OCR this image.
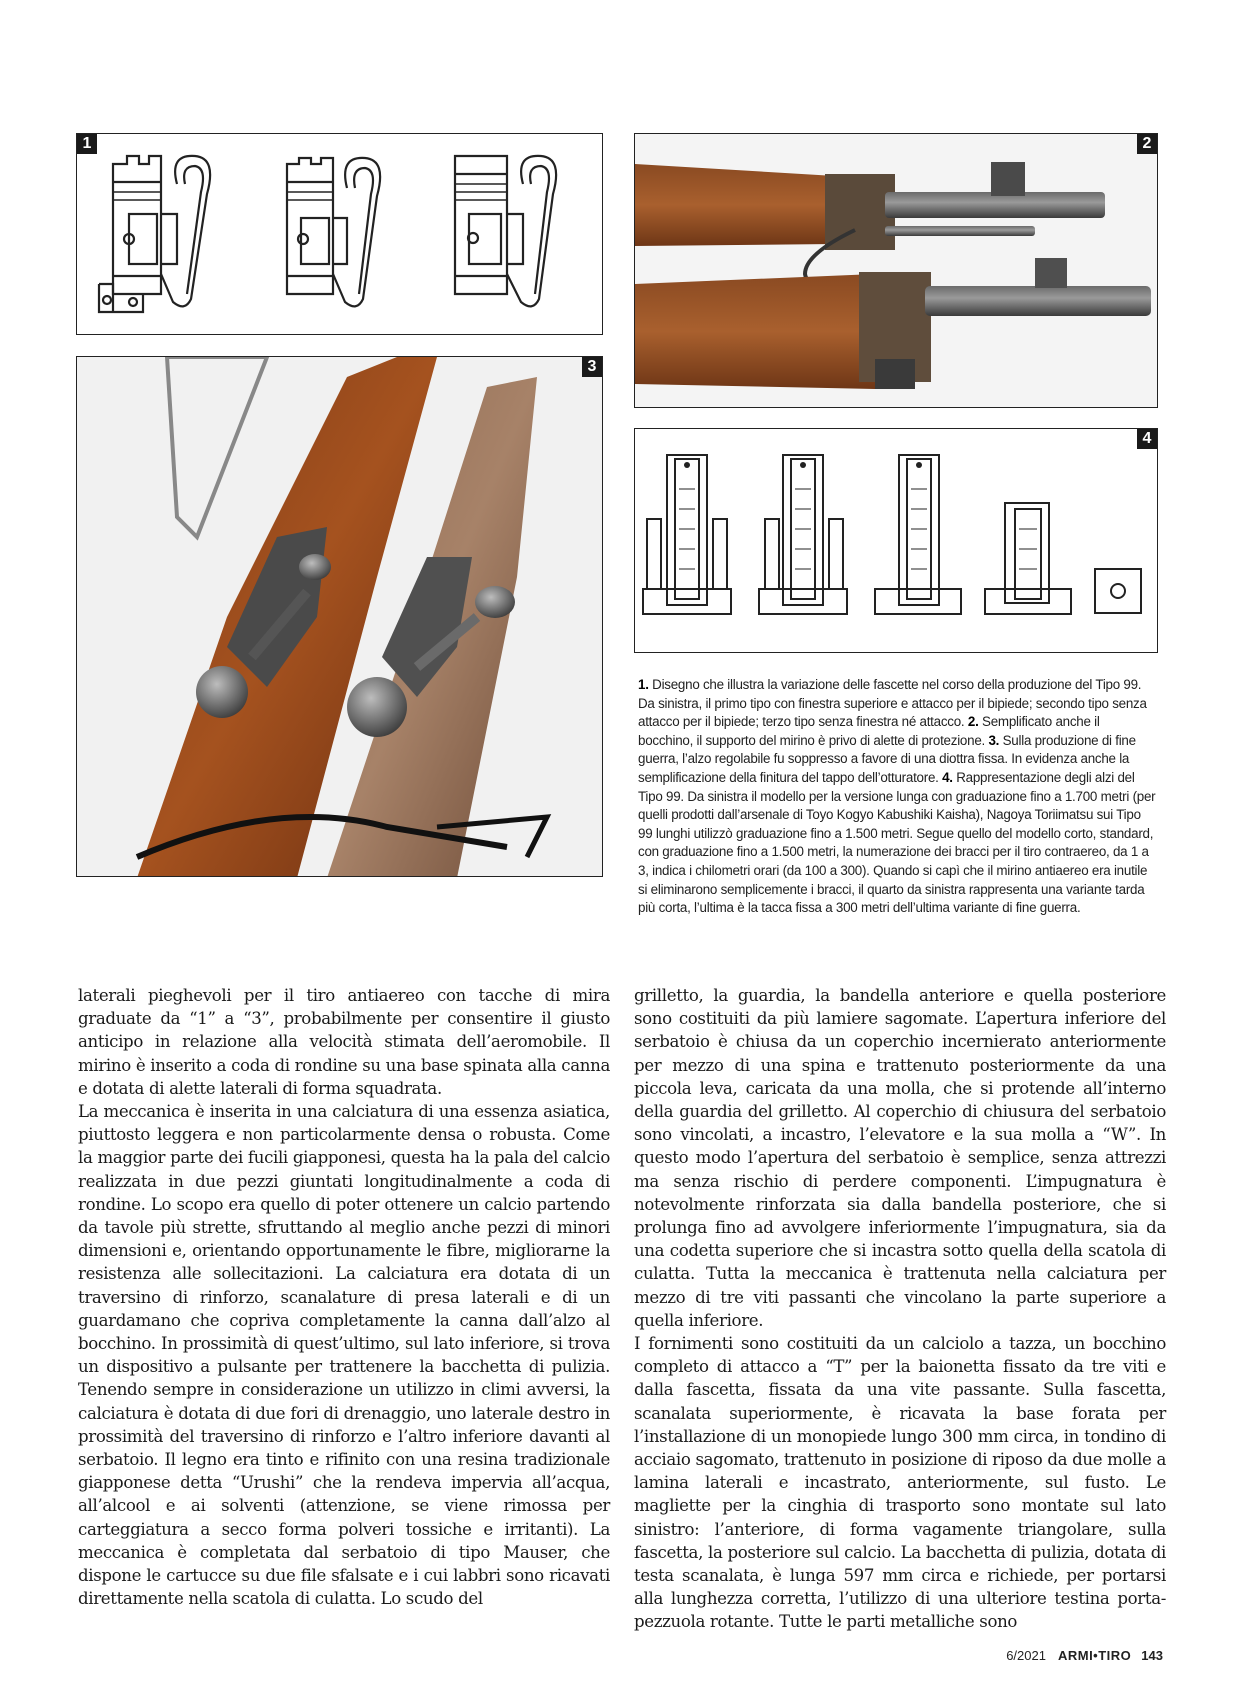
1	2
3
4

1. Disegno che illustra la variazione delle fascette nel corso della produzione del Tipo 99. Da sinistra, il primo tipo con finestra superiore e attacco per il bipiede; secondo tipo senza attacco per il bipiede; terzo tipo senza finestra né attacco. 2. Semplificato anche il bocchino, il supporto del mirino è privo di alette di protezione. 3. Sulla produzione di fine guerra, l’alzo regolabile fu soppresso a favore di una diottra fissa. In evidenza anche la semplificazione della finitura del tappo dell’otturatore. 4. Rappresentazione degli alzi del Tipo 99. Da sinistra il modello per la versione lunga con graduazione fino a 1.700 metri (per quelli prodotti dall’arsenale di Toyo Kogyo Kabushiki Kaisha), Nagoya Toriimatsu sui Tipo 99 lunghi utilizzò graduazione fino a 1.500 metri. Segue quello del modello corto, standard, con graduazione fino a 1.500 metri, la numerazione dei bracci per il tiro contraereo, da 1 a 3, indica i chilometri orari (da 100 a 300). Quando si capì che il mirino antiaereo era inutile si eliminarono semplicemente i bracci, il quarto da sinistra rappresenta una variante tarda più corta, l’ultima è la tacca fissa a 300 metri dell’ultima variante di fine guerra.

laterali pieghevoli per il tiro antiaereo con tacche di mira graduate da “1” a “3”, probabilmente per consentire il giusto anticipo in relazione alla velocità stimata dell’aeromobile. Il mirino è inserito a coda di rondine su una base spinata alla canna e dotata di alette laterali di forma squadrata.

La meccanica è inserita in una calciatura di una essenza asiatica, piuttosto leggera e non particolarmente densa o robusta. Come la maggior parte dei fucili giapponesi, questa ha la pala del calcio realizzata in due pezzi giuntati longitudinalmente a coda di rondine. Lo scopo era quello di poter ottenere un calcio partendo da tavole più strette, sfruttando al meglio anche pezzi di minori dimensioni e, orientando opportunamente le fibre, migliorarne la resistenza alle sollecitazioni. La calciatura era dotata di un traversino di rinforzo, scanalature di presa laterali e di un guardamano che copriva completamente la canna dall’alzo al bocchino. In prossimità di quest’ultimo, sul lato inferiore, si trova un dispositivo a pulsante per trattenere la bacchetta di pulizia. Tenendo sempre in considerazione un utilizzo in climi avversi, la calciatura è dotata di due fori di drenaggio, uno laterale destro in prossimità del traversino di rinforzo e l’altro inferiore davanti al serbatoio. Il legno era tinto e rifinito con una resina tradizionale giapponese detta “Urushi” che la rendeva impervia all’acqua, all’alcool e ai solventi (attenzione, se viene rimossa per carteggiatura a secco forma polveri tossiche e irritanti). La meccanica è completata dal serbatoio di tipo Mauser, che dispone le cartucce su due file sfalsate e i cui labbri sono ricavati direttamente nella scatola di culatta. Lo scudo del

grilletto, la guardia, la bandella anteriore e quella posteriore sono costituiti da più lamiere sagomate. L’apertura inferiore del serbatoio è chiusa da un coperchio incernierato anteriormente per mezzo di una spina e trattenuto posteriormente da una piccola leva, caricata da una molla, che si protende all’interno della guardia del grilletto. Al coperchio di chiusura del serbatoio sono vincolati, a incastro, l’elevatore e la sua molla a “W”. In questo modo l’apertura del serbatoio è semplice, senza attrezzi ma senza rischio di perdere componenti. L’impugnatura è notevolmente rinforzata sia dalla bandella posteriore, che si prolunga fino ad avvolgere inferiormente l’impugnatura, sia da una codetta superiore che si incastra sotto quella della scatola di culatta. Tutta la meccanica è trattenuta nella calciatura per mezzo di tre viti passanti che vincolano la parte superiore a quella inferiore.

I fornimenti sono costituiti da un calciolo a tazza, un bocchino completo di attacco a “T” per la baionetta fissato da tre viti e dalla fascetta, fissata da una vite passante. Sulla fascetta, scanalata superiormente, è ricavata la base forata per l’installazione di un monopiede lungo 300 mm circa, in tondino di acciaio sagomato, trattenuto in posizione di riposo da due molle a lamina laterali e incastrato, anteriormente, sul fusto. Le magliette per la cinghia di trasporto sono montate sul lato sinistro: l’anteriore, di forma vagamente triangolare, sulla fascetta, la posteriore sul calcio. La bacchetta di pulizia, dotata di testa scanalata, è lunga 597 mm circa e richiede, per portarsi alla lunghezza corretta, l’utilizzo di una ulteriore testina porta-pezzuola rotante. Tutte le parti metalliche sono

6/2021 ARMI•TIRO 143
